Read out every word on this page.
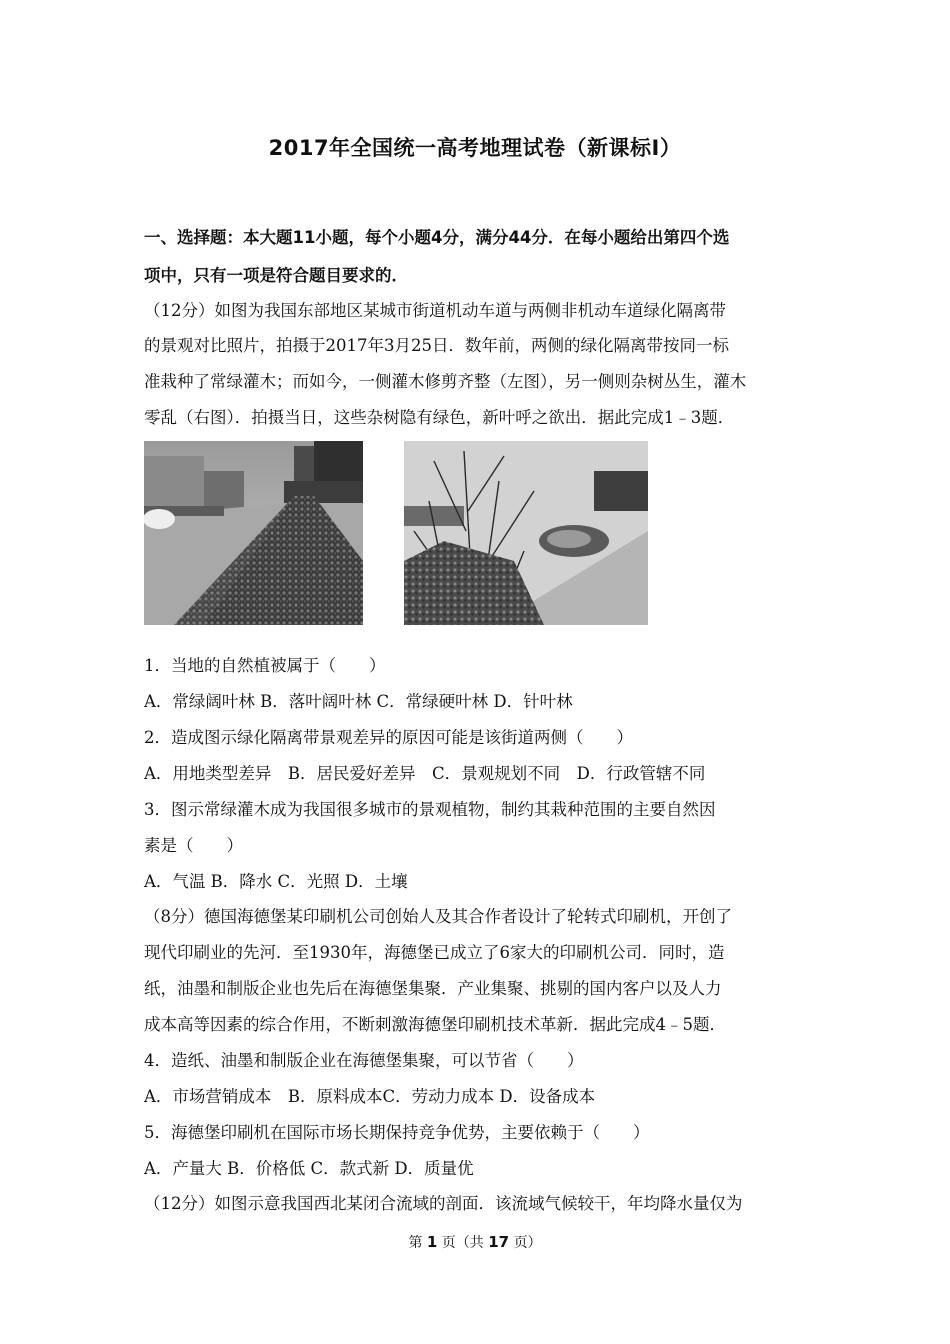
2017年全国统一高考地理试卷（新课标Ⅰ）
一、选择题：本大题11小题，每个小题4分，满分44分．在每小题给出第四个选
项中，只有一项是符合题目要求的．
（12分）如图为我国东部地区某城市街道机动车道与两侧非机动车道绿化隔离带
的景观对比照片，拍摄于2017年3月25日．数年前，两侧的绿化隔离带按同一标
准栽种了常绿灌木；而如今，一侧灌木修剪齐整（左图），另一侧则杂树丛生，灌木
零乱（右图）．拍摄当日，这些杂树隐有绿色，新叶呼之欲出．据此完成1﹣3题．
1．当地的自然植被属于（　　）
A．常绿阔叶林 B．落叶阔叶林 C．常绿硬叶林 D．针叶林
2．造成图示绿化隔离带景观差异的原因可能是该街道两侧（　　）
A．用地类型差异　B．居民爱好差异　C．景观规划不同　D．行政管辖不同
3．图示常绿灌木成为我国很多城市的景观植物，制约其栽种范围的主要自然因
素是（　　）
A．气温 B．降水 C．光照 D．土壤
（8分）德国海德堡某印刷机公司创始人及其合作者设计了轮转式印刷机，开创了
现代印刷业的先河．至1930年，海德堡已成立了6家大的印刷机公司．同时，造
纸，油墨和制版企业也先后在海德堡集聚．产业集聚、挑剔的国内客户以及人力
成本高等因素的综合作用，不断刺激海德堡印刷机技术革新．据此完成4﹣5题．
4．造纸、油墨和制版企业在海德堡集聚，可以节省（　　）
A．市场营销成本　B．原料成本C．劳动力成本 D．设备成本
5．海德堡印刷机在国际市场长期保持竞争优势，主要依赖于（　　）
A．产量大 B．价格低 C．款式新 D．质量优
（12分）如图示意我国西北某闭合流域的剖面．该流域气候较干，年均降水量仅为
第 1 页（共 17 页）
